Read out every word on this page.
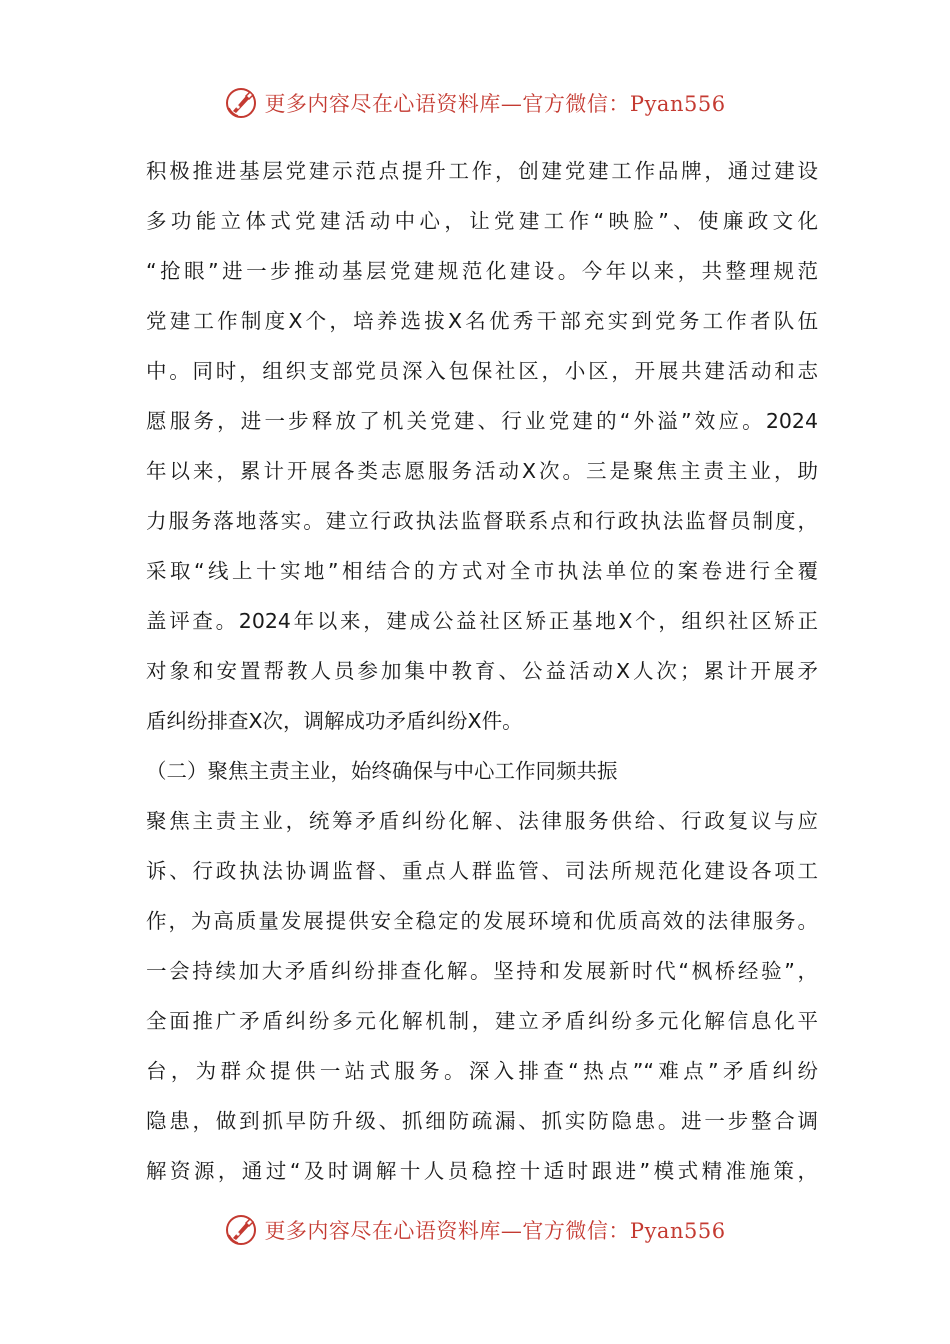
更多内容尽在心语资料库—官方微信：Pyan556
积极推进基层党建示范点提升工作，创建党建工作品牌，通过建设
多功能立体式党建活动中心，让党建工作“映脸”、使廉政文化
“抢眼”进一步推动基层党建规范化建设。今年以来，共整理规范
党建工作制度X个，培养选拔X名优秀干部充实到党务工作者队伍
中。同时，组织支部党员深入包保社区，小区，开展共建活动和志
愿服务，进一步释放了机关党建、行业党建的“外溢”效应。2024
年以来，累计开展各类志愿服务活动X次。三是聚焦主责主业，助
力服务落地落实。建立行政执法监督联系点和行政执法监督员制度，
采取“线上十实地”相结合的方式对全市执法单位的案卷进行全覆
盖评查。2024年以来，建成公益社区矫正基地X个，组织社区矫正
对象和安置帮教人员参加集中教育、公益活动X人次；累计开展矛
盾纠纷排查X次，调解成功矛盾纠纷X件。
（二）聚焦主责主业，始终确保与中心工作同频共振
聚焦主责主业，统筹矛盾纠纷化解、法律服务供给、行政复议与应
诉、行政执法协调监督、重点人群监管、司法所规范化建设各项工
作，为高质量发展提供安全稳定的发展环境和优质高效的法律服务。
一会持续加大矛盾纠纷排查化解。坚持和发展新时代“枫桥经验”，
全面推广矛盾纠纷多元化解机制，建立矛盾纠纷多元化解信息化平
台，为群众提供一站式服务。深入排查“热点”“难点”矛盾纠纷
隐患，做到抓早防升级、抓细防疏漏、抓实防隐患。进一步整合调
解资源，通过“及时调解十人员稳控十适时跟进”模式精准施策，
更多内容尽在心语资料库—官方微信：Pyan556
